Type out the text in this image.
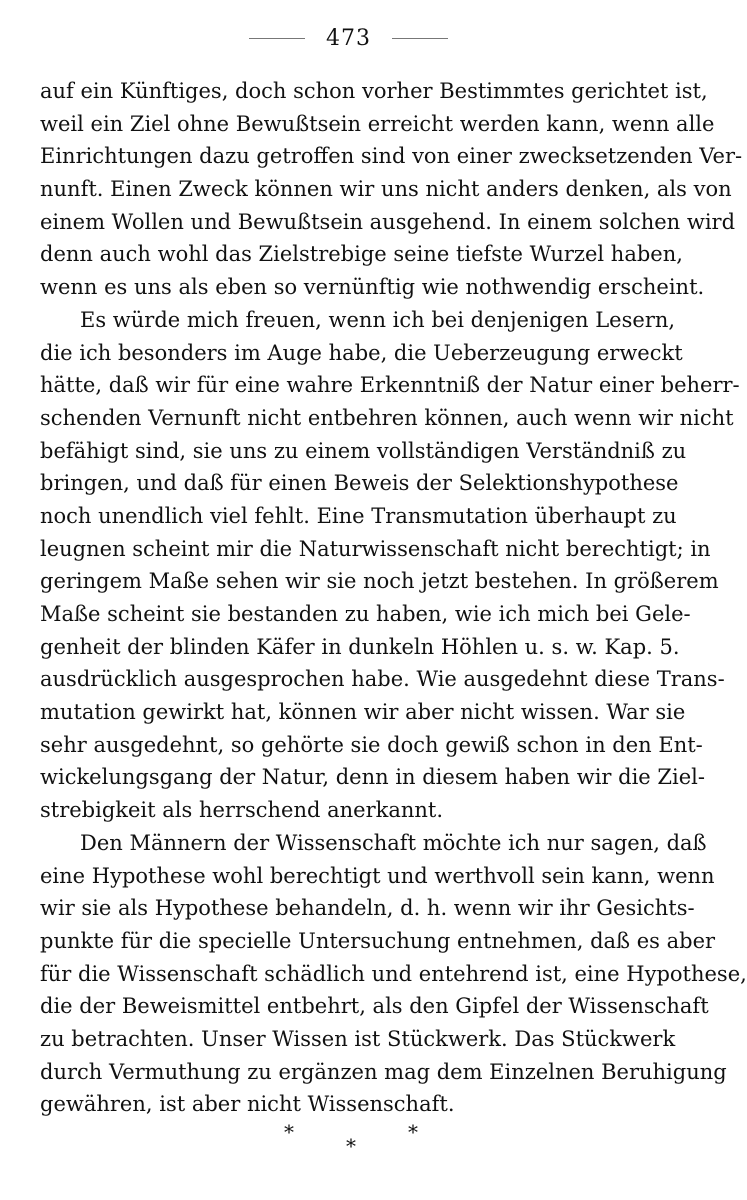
473
auf ein Künftiges, doch schon vorher Bestimmtes gerichtet ist,
weil ein Ziel ohne Bewußtsein erreicht werden kann, wenn alle
Einrichtungen dazu getroffen sind von einer zwecksetzenden Ver-
nunft. Einen Zweck können wir uns nicht anders denken, als von
einem Wollen und Bewußtsein ausgehend. In einem solchen wird
denn auch wohl das Zielstrebige seine tiefste Wurzel haben,
wenn es uns als eben so vernünftig wie nothwendig erscheint.
Es würde mich freuen, wenn ich bei denjenigen Lesern,
die ich besonders im Auge habe, die Ueberzeugung erweckt
hätte, daß wir für eine wahre Erkenntniß der Natur einer beherr-
schenden Vernunft nicht entbehren können, auch wenn wir nicht
befähigt sind, sie uns zu einem vollständigen Verständniß zu
bringen, und daß für einen Beweis der Selektionshypothese
noch unendlich viel fehlt. Eine Transmutation überhaupt zu
leugnen scheint mir die Naturwissenschaft nicht berechtigt; in
geringem Maße sehen wir sie noch jetzt bestehen. In größerem
Maße scheint sie bestanden zu haben, wie ich mich bei Gele-
genheit der blinden Käfer in dunkeln Höhlen u. s. w. Kap. 5.
ausdrücklich ausgesprochen habe. Wie ausgedehnt diese Trans-
mutation gewirkt hat, können wir aber nicht wissen. War sie
sehr ausgedehnt, so gehörte sie doch gewiß schon in den Ent-
wickelungsgang der Natur, denn in diesem haben wir die Ziel-
strebigkeit als herrschend anerkannt.
Den Männern der Wissenschaft möchte ich nur sagen, daß
eine Hypothese wohl berechtigt und werthvoll sein kann, wenn
wir sie als Hypothese behandeln, d. h. wenn wir ihr Gesichts-
punkte für die specielle Untersuchung entnehmen, daß es aber
für die Wissenschaft schädlich und entehrend ist, eine Hypothese,
die der Beweismittel entbehrt, als den Gipfel der Wissenschaft
zu betrachten. Unser Wissen ist Stückwerk. Das Stückwerk
durch Vermuthung zu ergänzen mag dem Einzelnen Beruhigung
gewähren, ist aber nicht Wissenschaft.
*
*
*
